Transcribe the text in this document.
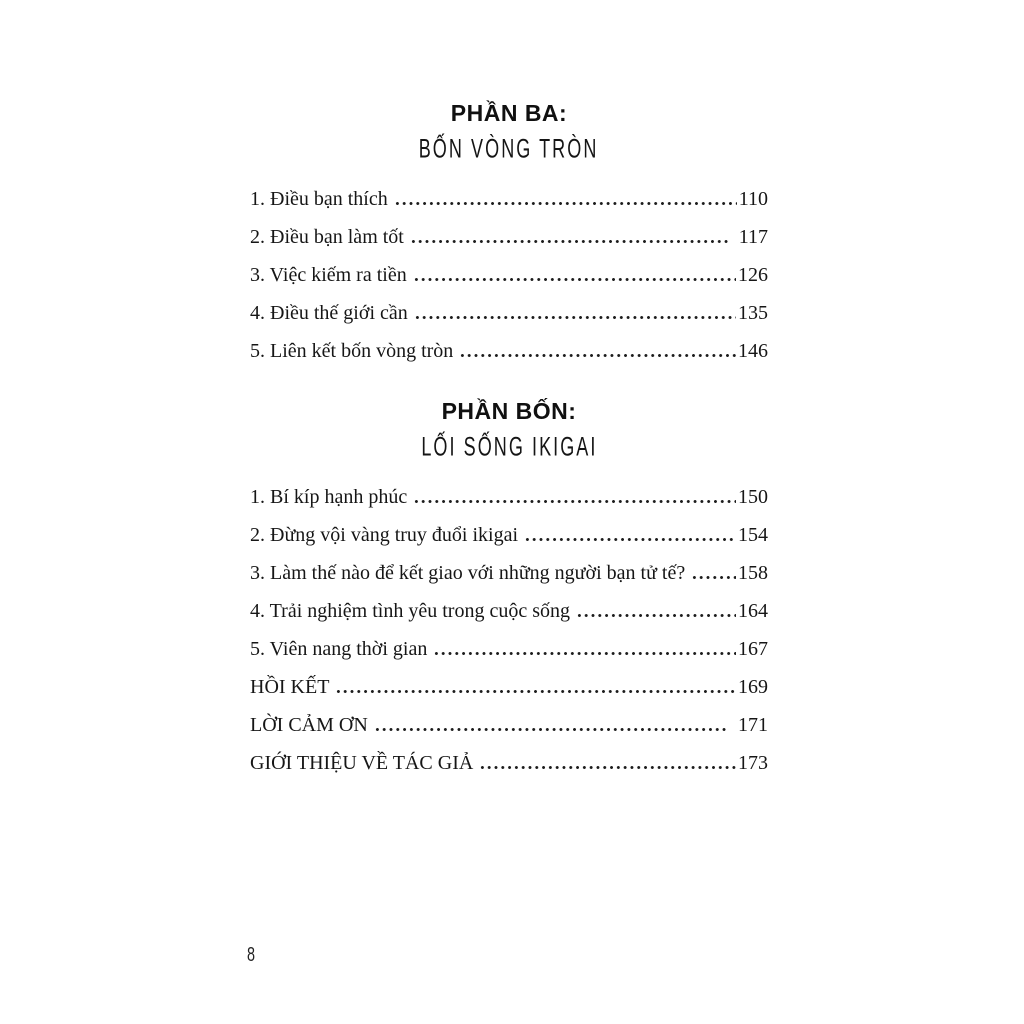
PHẦN BA:
BỐN VÒNG TRÒN
1. Điều bạn thích	110
2. Điều bạn làm tốt	117
3. Việc kiếm ra tiền	126
4. Điều thế giới cần	135
5. Liên kết bốn vòng tròn	146
PHẦN BỐN:
LỐI SỐNG IKIGAI
1. Bí kíp hạnh phúc	150
2. Đừng vội vàng truy đuổi ikigai	154
3. Làm thế nào để kết giao với những người bạn tử tế?	158
4. Trải nghiệm tình yêu trong cuộc sống	164
5. Viên nang thời gian	167
HỒI KẾT	169
LỜI CẢM ƠN	171
GIỚI THIỆU VỀ TÁC GIẢ	173
8
